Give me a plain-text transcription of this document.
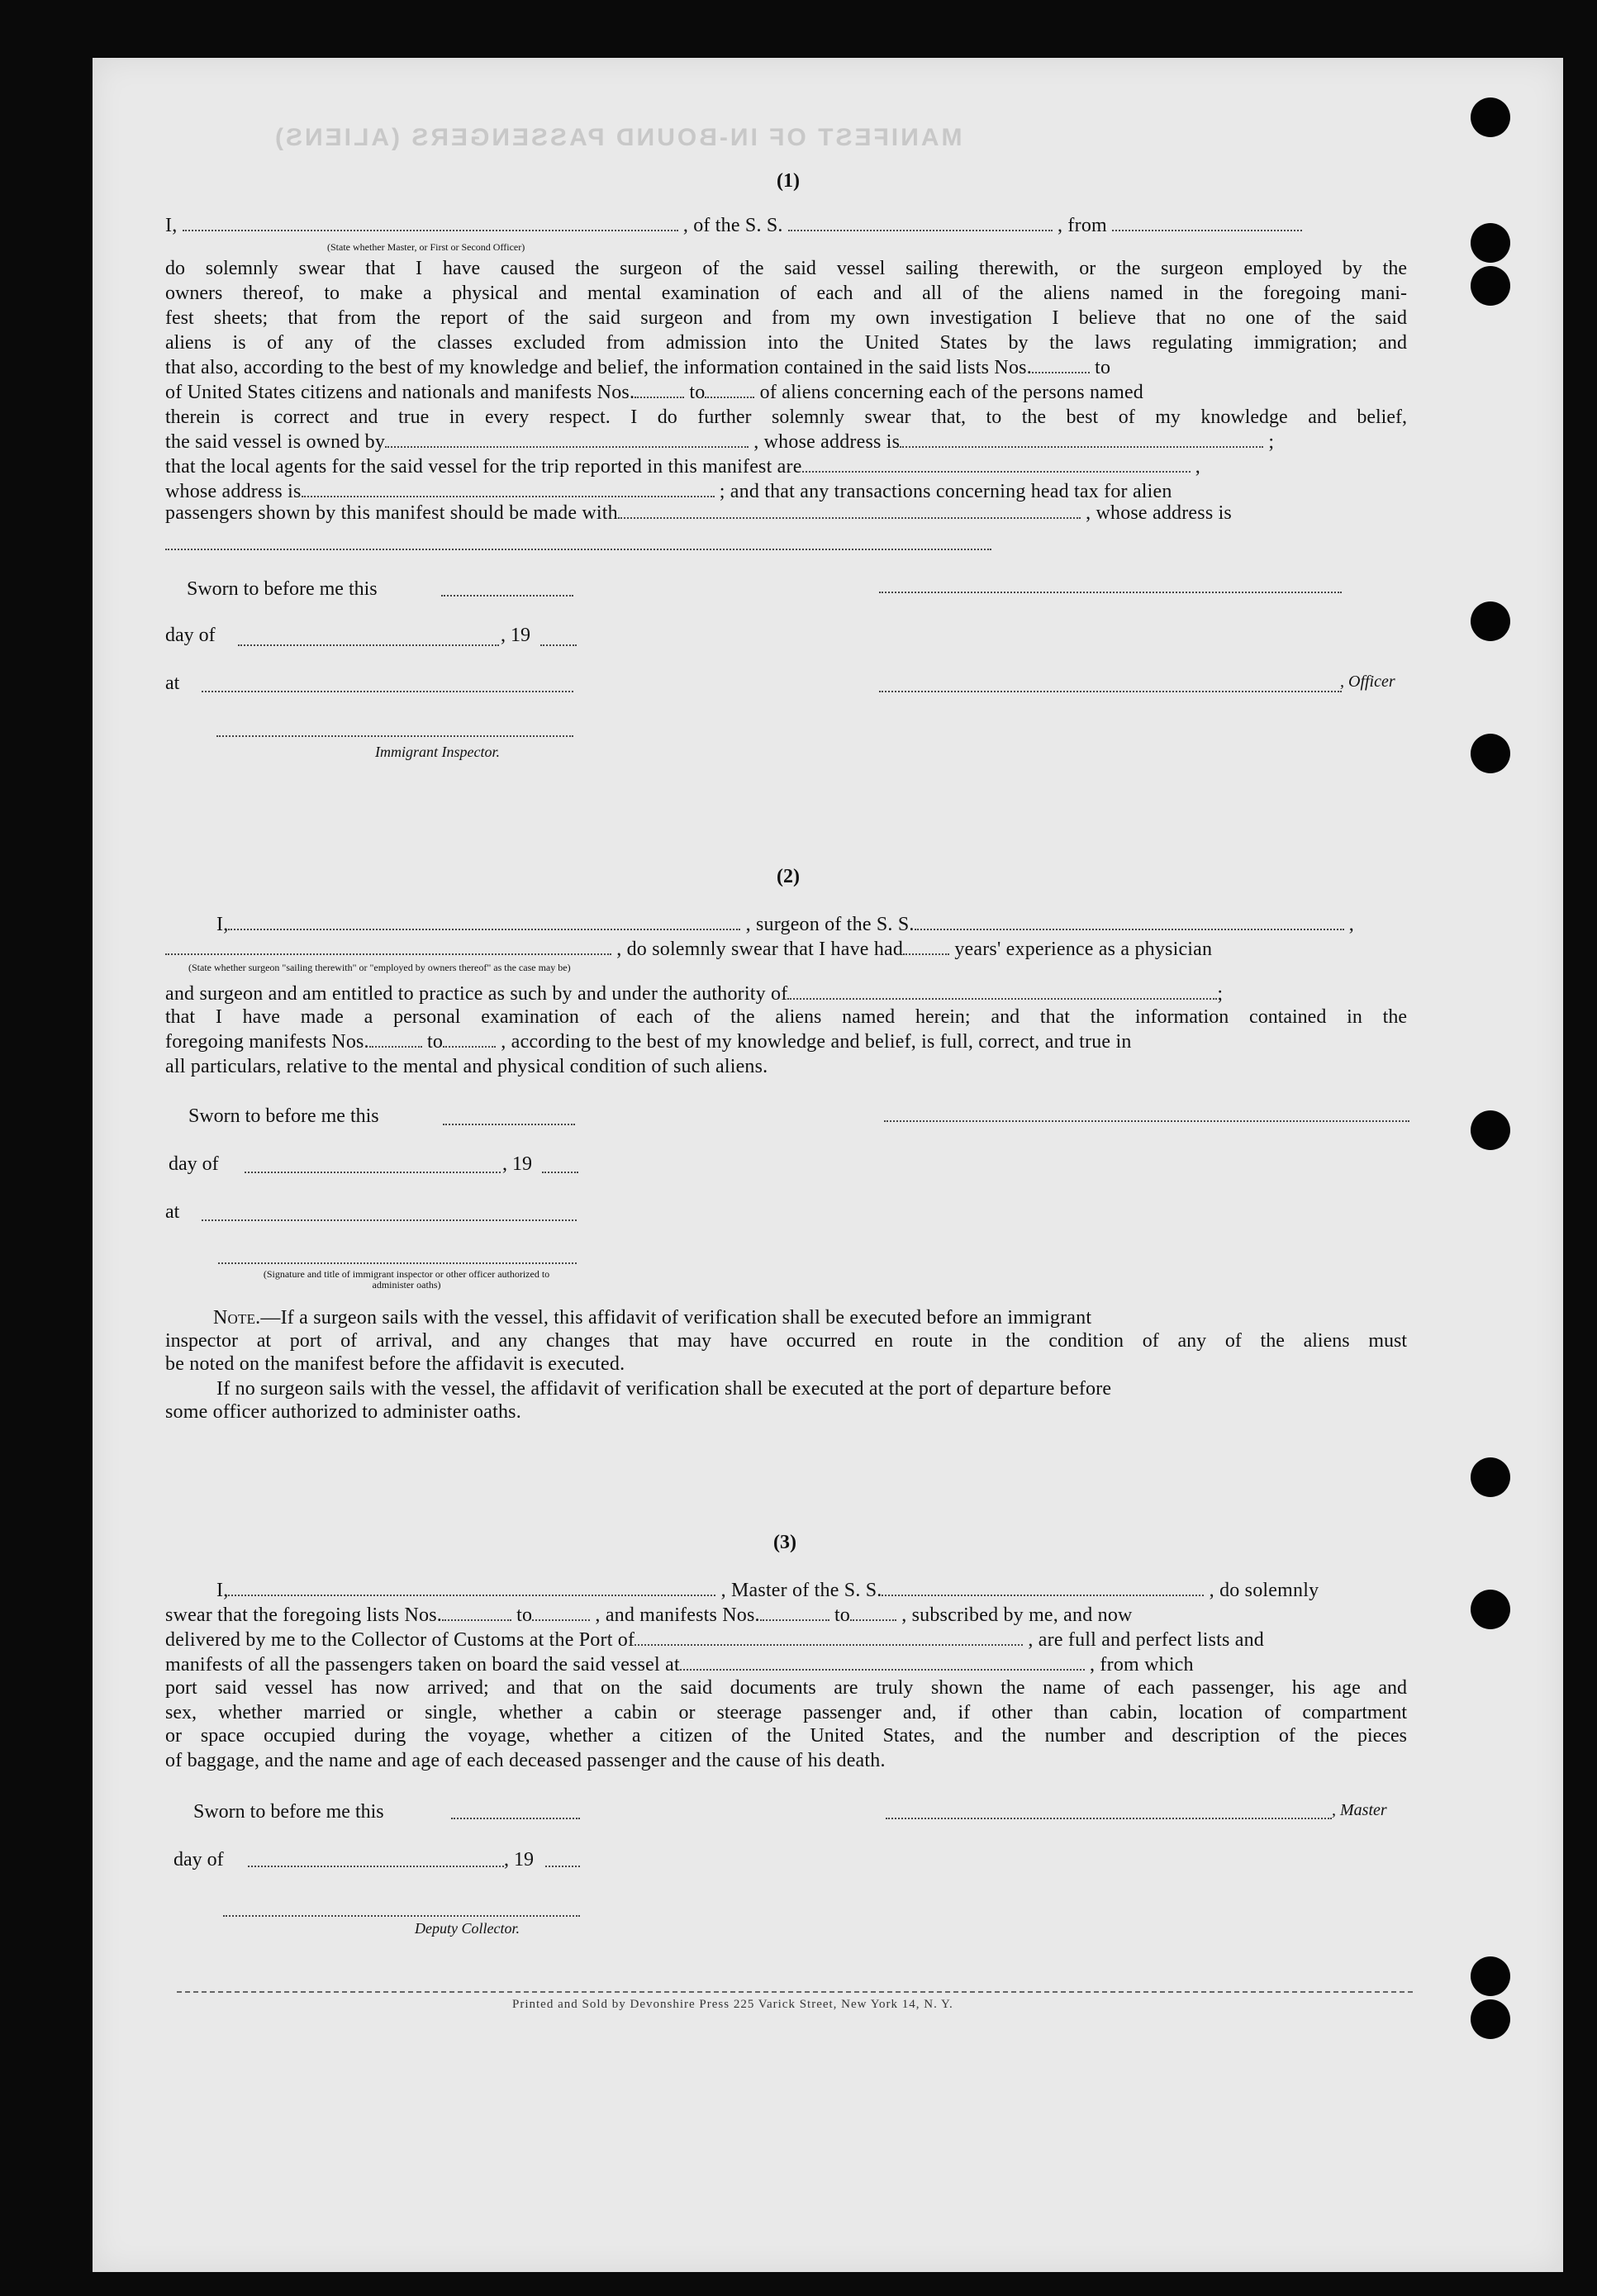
MANIFEST OF IN-BOUND PASSENGERS (ALIENS)
(1)
I,	, of the S. S.	, from
(State whether Master, or First or Second Officer)
do solemnly swear that I have caused the surgeon of the said vessel sailing therewith, or the surgeon employed by the
owners thereof, to make a physical and mental examination of each and all of the aliens named in the foregoing mani-
fest sheets; that from the report of the said surgeon and from my own investigation I believe that no one of the said
aliens is of any of the classes excluded from admission into the United States by the laws regulating immigration; and
that also, according to the best of my knowledge and belief, the information contained in the said lists Nos.	to
of United States citizens and nationals and manifests Nos.	to	of aliens concerning each of the persons named
therein is correct and true in every respect. I do further solemnly swear that, to the best of my knowledge and belief,
the said vessel is owned by	, whose address is	;
that the local agents for the said vessel for the trip reported in this manifest are	,
whose address is	; and that any transactions concerning head tax for alien
passengers shown by this manifest should be made with	, whose address is
Sworn to before me this
day of	, 19
at	, Officer
Immigrant Inspector.
(2)
I,	, surgeon of the S. S.	,
, do solemnly swear that I have had	years' experience as a physician
(State whether surgeon "sailing therewith" or "employed by owners thereof" as the case may be)
and surgeon and am entitled to practice as such by and under the authority of	;
that I have made a personal examination of each of the aliens named herein; and that the information contained in the
foregoing manifests Nos.	to	, according to the best of my knowledge and belief, is full, correct, and true in
all particulars, relative to the mental and physical condition of such aliens.
Sworn to before me this
day of	, 19
at
(Signature and title of immigrant inspector or other officer authorized to administer oaths)
Note.—If a surgeon sails with the vessel, this affidavit of verification shall be executed before an immigrant
inspector at port of arrival, and any changes that may have occurred en route in the condition of any of the aliens must
be noted on the manifest before the affidavit is executed.
If no surgeon sails with the vessel, the affidavit of verification shall be executed at the port of departure before
some officer authorized to administer oaths.
(3)
I,	, Master of the S. S.	, do solemnly
swear that the foregoing lists Nos.	to	, and manifests Nos.	to	, subscribed by me, and now
delivered by me to the Collector of Customs at the Port of	, are full and perfect lists and
manifests of all the passengers taken on board the said vessel at	, from which
port said vessel has now arrived; and that on the said documents are truly shown the name of each passenger, his age and
sex, whether married or single, whether a cabin or steerage passenger and, if other than cabin, location of compartment
or space occupied during the voyage, whether a citizen of the United States, and the number and description of the pieces
of baggage, and the name and age of each deceased passenger and the cause of his death.
Sworn to before me this	, Master
day of	, 19
Deputy Collector.
Printed and Sold by Devonshire Press 225 Varick Street, New York 14, N. Y.
